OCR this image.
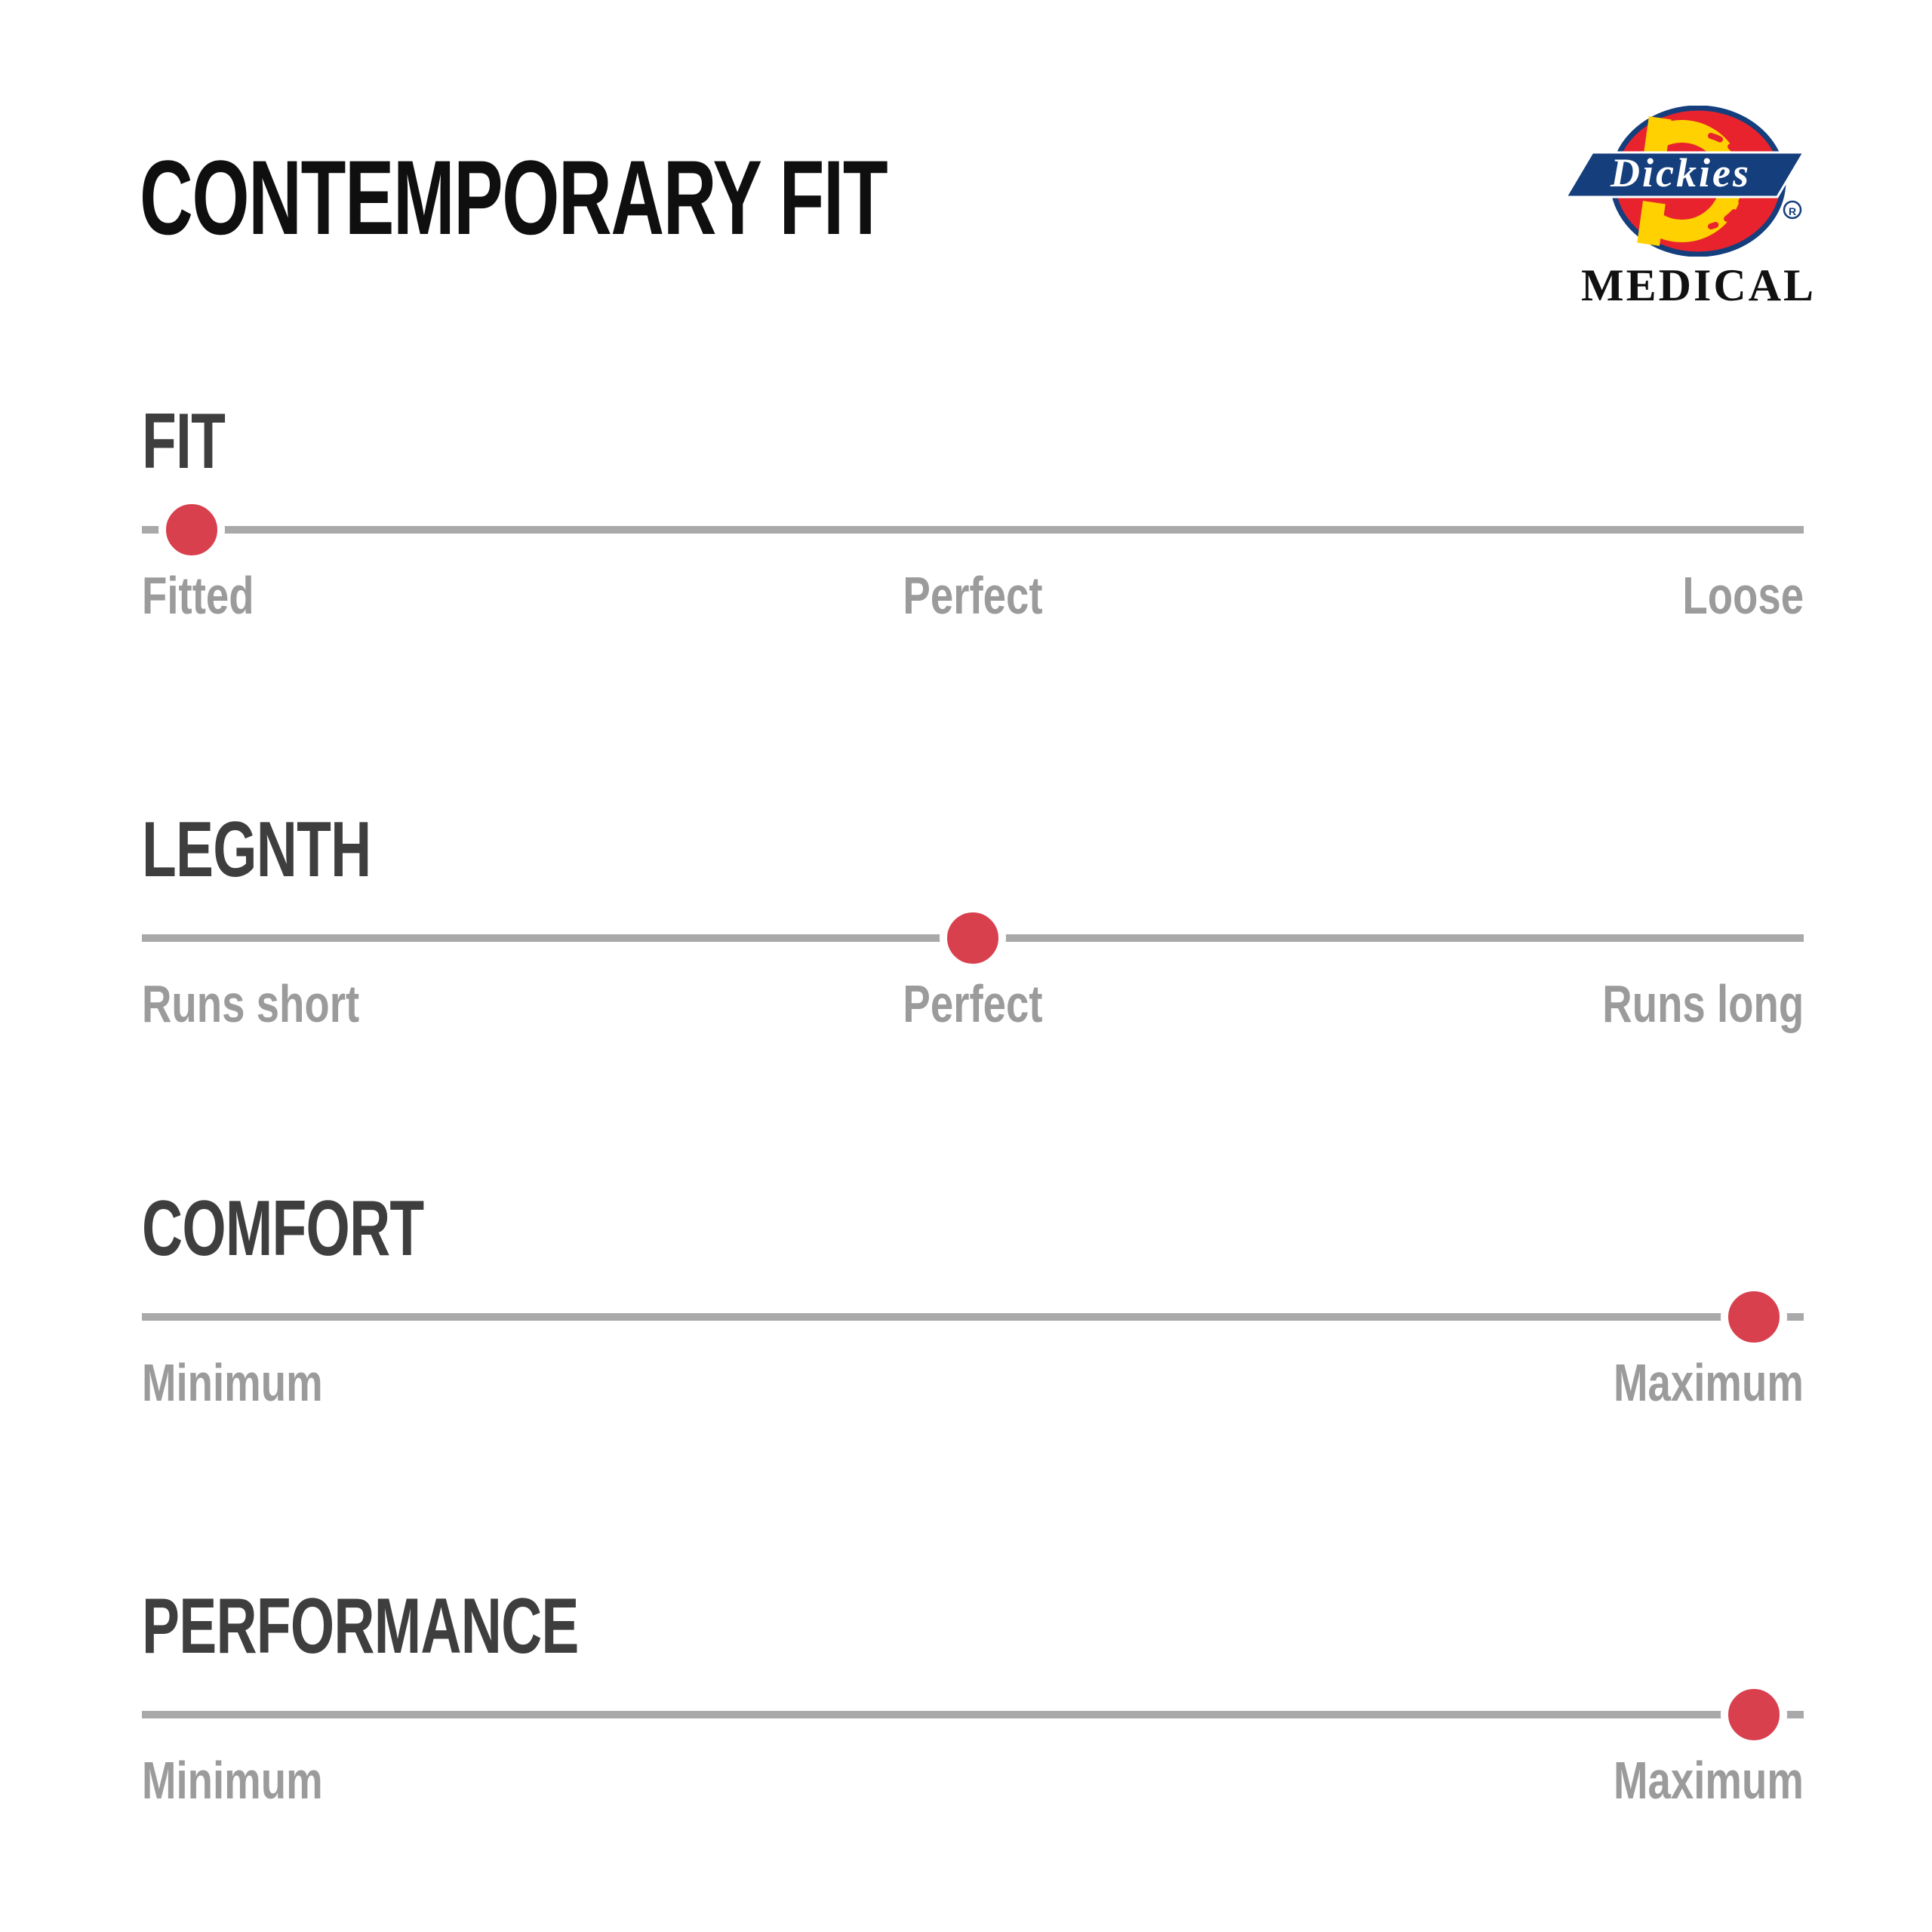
CONTEMPORARY FIT	Dickies
R
MEDICAL
FIT
Fitted	Perfect	Loose
LEGNTH
Runs short	Perfect	Runs long
COMFORT
Minimum	Maximum
PERFORMANCE
Minimum	Maximum
